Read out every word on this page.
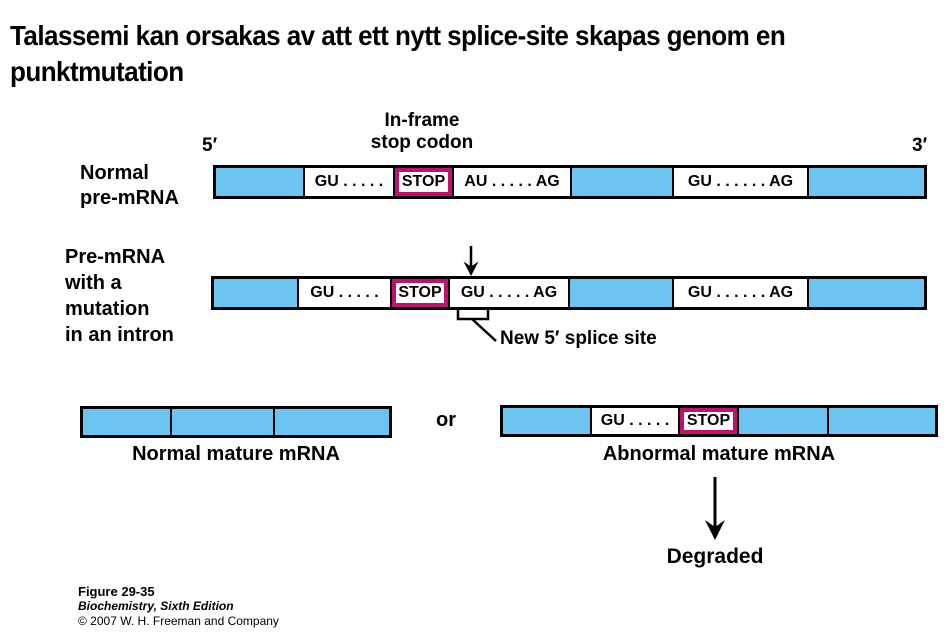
Talassemi kan orsakas av att ett nytt splice-site skapas genom en
punktmutation
Normal
pre-mRNA
5′	3′
In-frame
stop codon
GU . . . . .	STOP	AU . . . . . AG	GU . . . . . . AG
Pre-mRNA
with a
mutation
in an intron
GU . . . . .	STOP	GU . . . . . AG	GU . . . . . . AG
New 5′ splice site
Normal mature mRNA
or	GU . . . . .	STOP
Abnormal mature mRNA
Degraded
Figure 29-35
Biochemistry, Sixth Edition
© 2007 W. H. Freeman and Company
